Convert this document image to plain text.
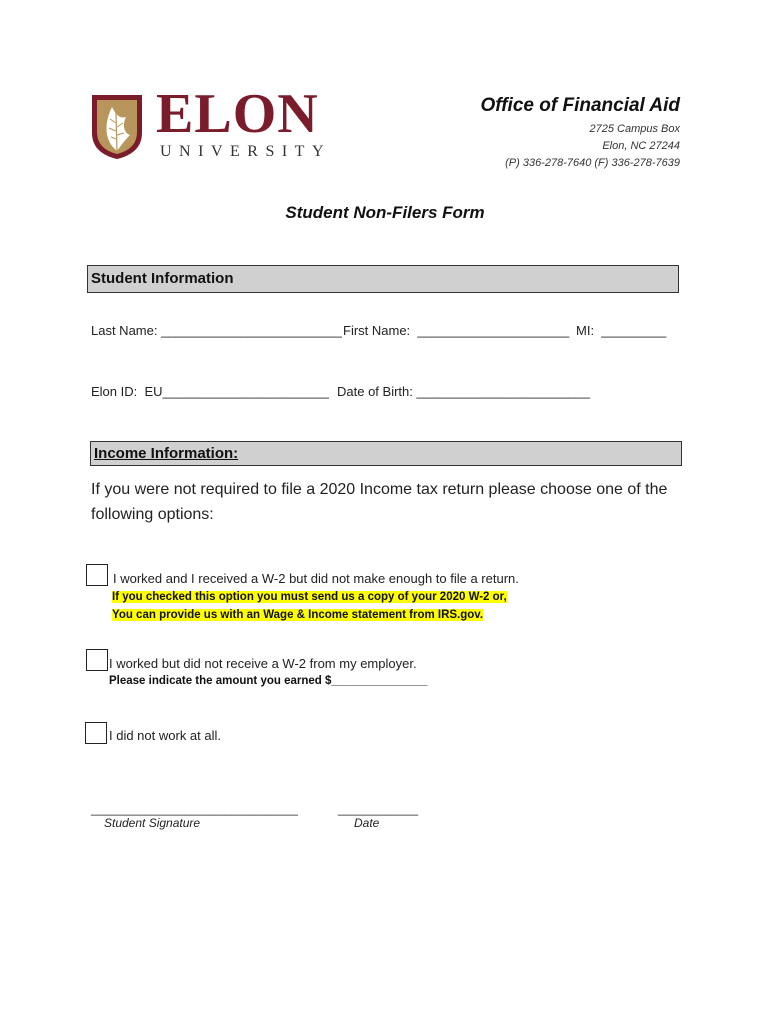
ELON
UNIVERSITY
Office of Financial Aid
2725 Campus Box
Elon, NC 27244
(P) 336-278-7640 (F) 336-278-7639
Student Non-Filers Form
Student Information
Last Name: _________________________ First Name:  _____________________ MI:  _________
Elon ID:  EU_______________________ Date of Birth: ________________________
Income Information:
If you were not required to file a 2020 Income tax return please choose one of the
following options:
I worked and I received a W-2 but did not make enough to file a return.
If you checked this option you must send us a copy of your 2020 W-2 or,
You can provide us with an Wage & Income statement from IRS.gov.
I worked but did not receive a W-2 from my employer.
Please indicate the amount you earned $_______________
I did not work at all.
_______________________________	____________
Student Signature	Date
